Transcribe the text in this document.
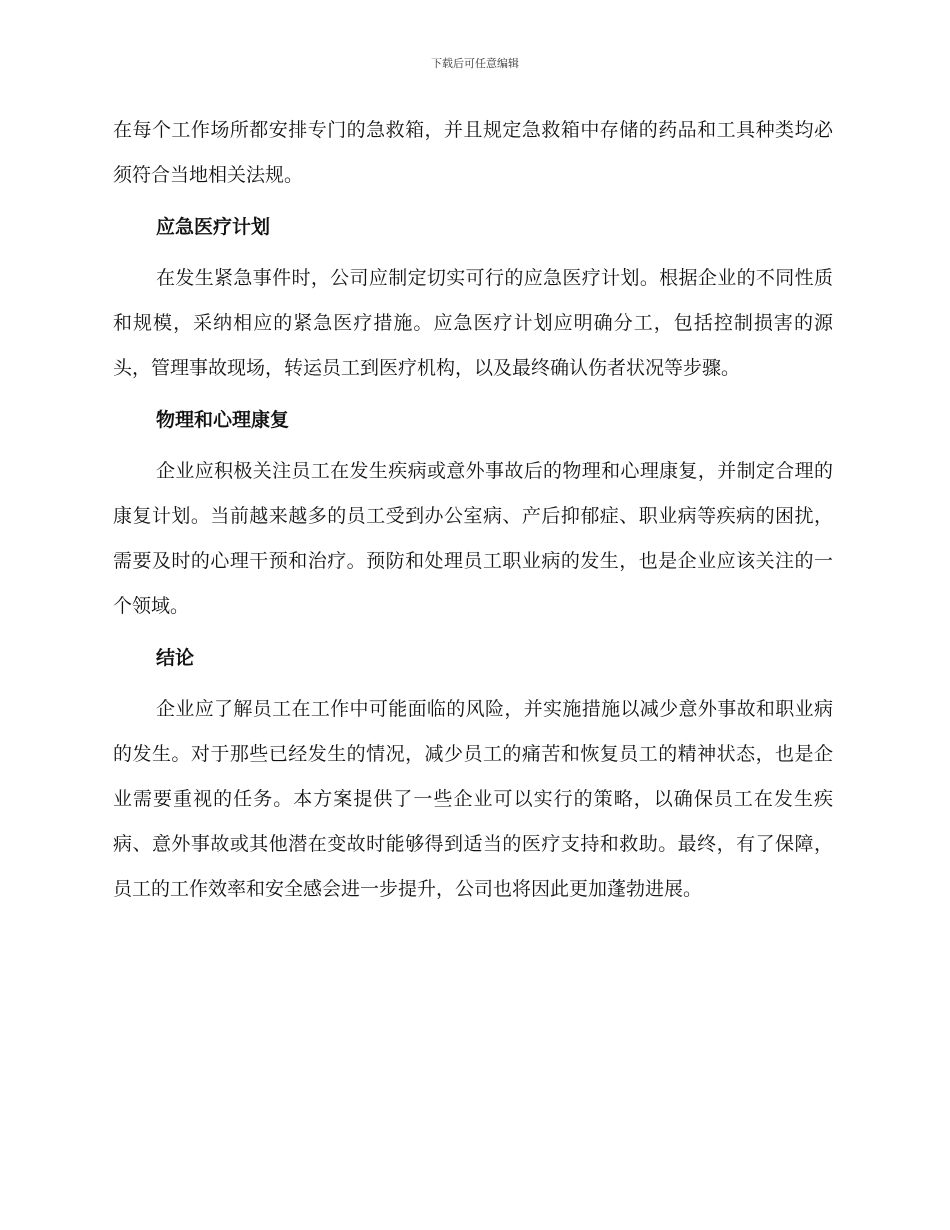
下载后可任意编辑

在每个工作场所都安排专门的急救箱，并且规定急救箱中存储的药品和工具种类均必须符合当地相关法规。

应急医疗计划

在发生紧急事件时，公司应制定切实可行的应急医疗计划。根据企业的不同性质和规模，采纳相应的紧急医疗措施。应急医疗计划应明确分工，包括控制损害的源头，管理事故现场，转运员工到医疗机构，以及最终确认伤者状况等步骤。

物理和心理康复

企业应积极关注员工在发生疾病或意外事故后的物理和心理康复，并制定合理的康复计划。当前越来越多的员工受到办公室病、产后抑郁症、职业病等疾病的困扰，需要及时的心理干预和治疗。预防和处理员工职业病的发生，也是企业应该关注的一个领域。

结论

企业应了解员工在工作中可能面临的风险，并实施措施以减少意外事故和职业病的发生。对于那些已经发生的情况，减少员工的痛苦和恢复员工的精神状态，也是企业需要重视的任务。本方案提供了一些企业可以实行的策略，以确保员工在发生疾病、意外事故或其他潜在变故时能够得到适当的医疗支持和救助。最终，有了保障，员工的工作效率和安全感会进一步提升，公司也将因此更加蓬勃进展。
